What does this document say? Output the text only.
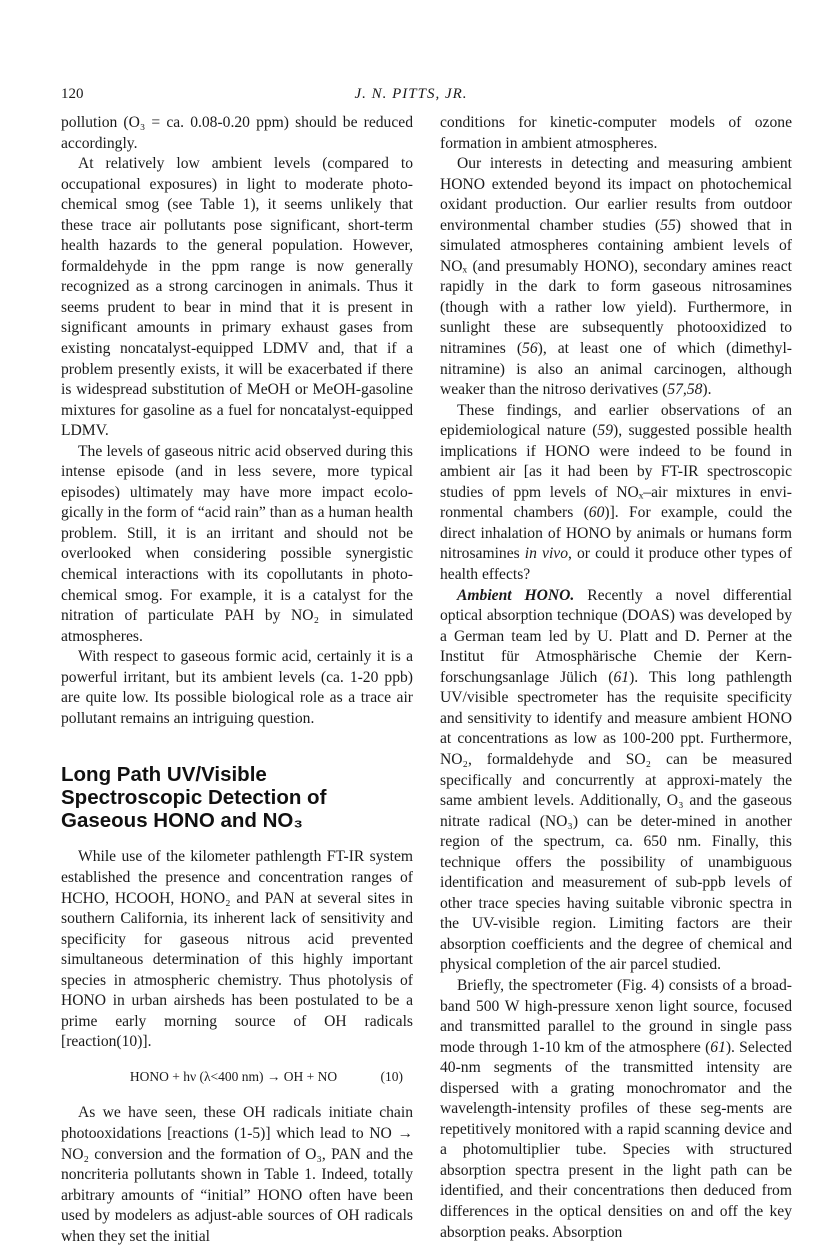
120	J. N. PITTS, JR.

pollution (O₃ = ca. 0.08-0.20 ppm) should be reduced accordingly.

At relatively low ambient levels (compared to occupational exposures) in light to moderate photo-chemical smog (see Table 1), it seems unlikely that these trace air pollutants pose significant, short-term health hazards to the general population. However, formaldehyde in the ppm range is now generally recognized as a strong carcinogen in animals. Thus it seems prudent to bear in mind that it is present in significant amounts in primary exhaust gases from existing noncatalyst-equipped LDMV and, that if a problem presently exists, it will be exacerbated if there is widespread substitution of MeOH or MeOH-gasoline mixtures for gasoline as a fuel for noncatalyst-equipped LDMV.

The levels of gaseous nitric acid observed during this intense episode (and in less severe, more typical episodes) ultimately may have more impact ecolo-gically in the form of “acid rain” than as a human health problem. Still, it is an irritant and should not be overlooked when considering possible synergistic chemical interactions with its copollutants in photo-chemical smog. For example, it is a catalyst for the nitration of particulate PAH by NO₂ in simulated atmospheres.

With respect to gaseous formic acid, certainly it is a powerful irritant, but its ambient levels (ca. 1-20 ppb) are quite low. Its possible biological role as a trace air pollutant remains an intriguing question.

Long Path UV/Visible Spectroscopic Detection of Gaseous HONO and NO₃

While use of the kilometer pathlength FT-IR system established the presence and concentration ranges of HCHO, HCOOH, HONO₂ and PAN at several sites in southern California, its inherent lack of sensitivity and specificity for gaseous nitrous acid prevented simultaneous determination of this highly important species in atmospheric chemistry. Thus photolysis of HONO in urban airsheds has been postulated to be a prime early morning source of OH radicals [reaction(10)].

HONO + hν (λ<400 nm) → OH + NO	(10)

As we have seen, these OH radicals initiate chain photooxidations [reactions (1-5)] which lead to NO → NO₂ conversion and the formation of O₃, PAN and the noncriteria pollutants shown in Table 1. Indeed, totally arbitrary amounts of “initial” HONO often have been used by modelers as adjust-able sources of OH radicals when they set the initial

conditions for kinetic-computer models of ozone formation in ambient atmospheres.

Our interests in detecting and measuring ambient HONO extended beyond its impact on photochemical oxidant production. Our earlier results from outdoor environmental chamber studies (55) showed that in simulated atmospheres containing ambient levels of NOₓ (and presumably HONO), secondary amines react rapidly in the dark to form gaseous nitrosamines (though with a rather low yield). Furthermore, in sunlight these are subsequently photooxidized to nitramines (56), at least one of which (dimethyl-nitramine) is also an animal carcinogen, although weaker than the nitroso derivatives (57,58).

These findings, and earlier observations of an epidemiological nature (59), suggested possible health implications if HONO were indeed to be found in ambient air [as it had been by FT-IR spectroscopic studies of ppm levels of NOₓ–air mixtures in envi-ronmental chambers (60)]. For example, could the direct inhalation of HONO by animals or humans form nitrosamines in vivo, or could it produce other types of health effects?

Ambient HONO. Recently a novel differential optical absorption technique (DOAS) was developed by a German team led by U. Platt and D. Perner at the Institut für Atmosphärische Chemie der Kern-forschungsanlage Jülich (61). This long pathlength UV/visible spectrometer has the requisite specificity and sensitivity to identify and measure ambient HONO at concentrations as low as 100-200 ppt. Furthermore, NO₂, formaldehyde and SO₂ can be measured specifically and concurrently at approxi-mately the same ambient levels. Additionally, O₃ and the gaseous nitrate radical (NO₃) can be deter-mined in another region of the spectrum, ca. 650 nm. Finally, this technique offers the possibility of unambiguous identification and measurement of sub-ppb levels of other trace species having suitable vibronic spectra in the UV-visible region. Limiting factors are their absorption coefficients and the degree of chemical and physical completion of the air parcel studied.

Briefly, the spectrometer (Fig. 4) consists of a broad-band 500 W high-pressure xenon light source, focused and transmitted parallel to the ground in single pass mode through 1-10 km of the atmosphere (61). Selected 40-nm segments of the transmitted intensity are dispersed with a grating monochromator and the wavelength-intensity profiles of these seg-ments are repetitively monitored with a rapid scanning device and a photomultiplier tube. Species with structured absorption spectra present in the light path can be identified, and their concentrations then deduced from differences in the optical densities on and off the key absorption peaks. Absorption
